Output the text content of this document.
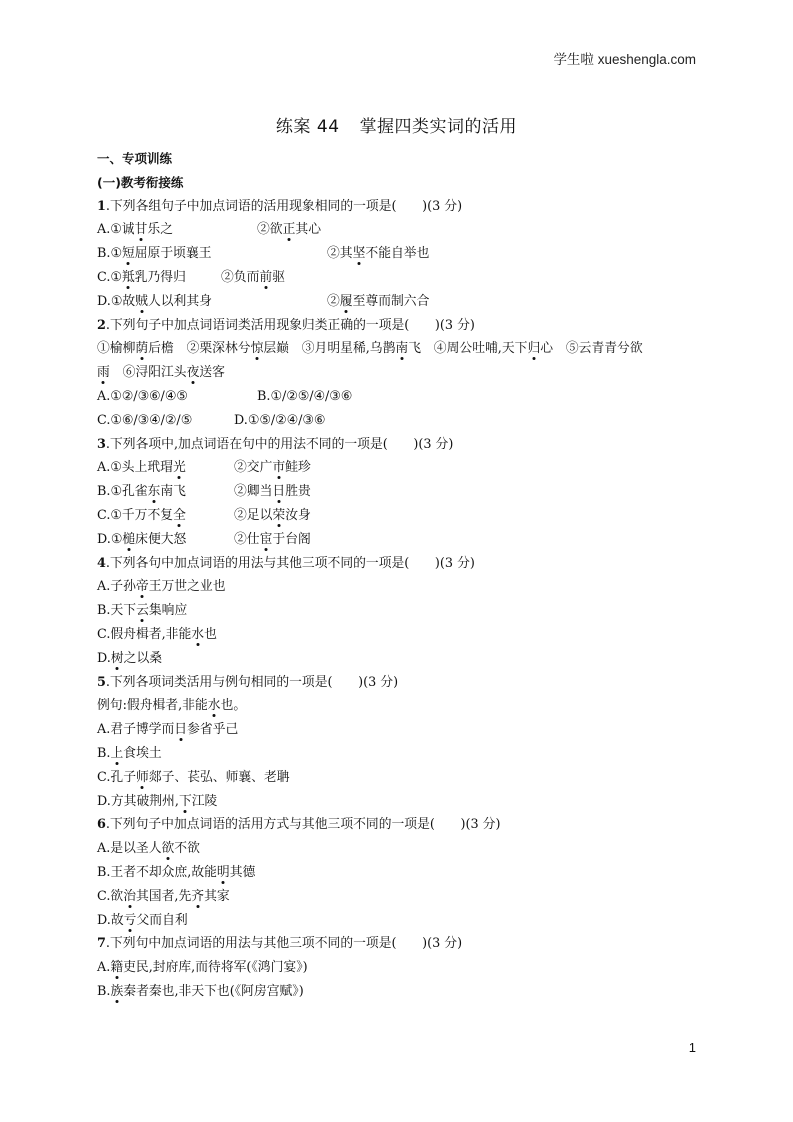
学生啦 xueshengla.com
练案 44 掌握四类实词的活用

一、专项训练

(一)教考衔接练

1.下列各组句子中加点词语的活用现象相同的一项是(　　)(3 分)

A.①诚甘乐之	②欲正其心

B.①短屈原于顷襄王	②其坚不能自举也

C.①羝乳乃得归	②负而前驱

D.①故贼人以利其身	②履至尊而制六合

2.下列句子中加点词语词类活用现象归类正确的一项是(　　)(3 分)

①榆柳荫后檐　②栗深林兮惊层巅　③月明星稀,乌鹊南飞　④周公吐哺,天下归心　⑤云青青兮欲

雨　⑥浔阳江头夜送客

A.①②/③⑥/④⑤	B.①/②⑤/④/③⑥

C.①⑥/③④/②/⑤	D.①⑤/②④/③⑥

3.下列各项中,加点词语在句中的用法不同的一项是(　　)(3 分)

A.①头上玳瑁光	②交广市鲑珍

B.①孔雀东南飞	②卿当日胜贵

C.①千万不复全	②足以荣汝身

D.①槌床便大怒	②仕宦于台阁

4.下列各句中加点词语的用法与其他三项不同的一项是(　　)(3 分)

A.子孙帝王万世之业也

B.天下云集响应

C.假舟楫者,非能水也

D.树之以桑

5.下列各项词类活用与例句相同的一项是(　　)(3 分)

例句:假舟楫者,非能水也。

A.君子博学而日参省乎己

B.上食埃土

C.孔子师郯子、苌弘、师襄、老聃

D.方其破荆州,下江陵

6.下列句子中加点词语的活用方式与其他三项不同的一项是(　　)(3 分)

A.是以圣人欲不欲

B.王者不却众庶,故能明其德

C.欲治其国者,先齐其家

D.故亏父而自利

7.下列句中加点词语的用法与其他三项不同的一项是(　　)(3 分)

A.籍吏民,封府库,而待将军(《鸿门宴》)

B.族秦者秦也,非天下也(《阿房宫赋》)

1
